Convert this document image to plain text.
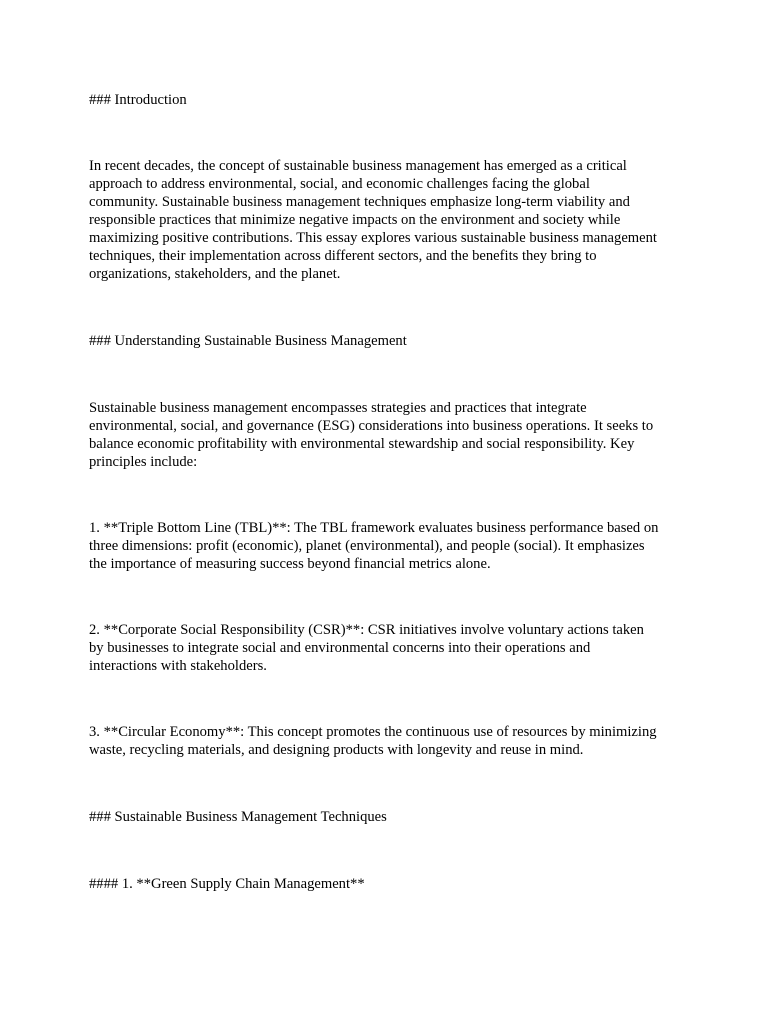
### Introduction

In recent decades, the concept of sustainable business management has emerged as a critical

approach to address environmental, social, and economic challenges facing the global

community. Sustainable business management techniques emphasize long-term viability and

responsible practices that minimize negative impacts on the environment and society while

maximizing positive contributions. This essay explores various sustainable business management

techniques, their implementation across different sectors, and the benefits they bring to

organizations, stakeholders, and the planet.

### Understanding Sustainable Business Management

Sustainable business management encompasses strategies and practices that integrate

environmental, social, and governance (ESG) considerations into business operations. It seeks to

balance economic profitability with environmental stewardship and social responsibility. Key

principles include:

1. **Triple Bottom Line (TBL)**: The TBL framework evaluates business performance based on

three dimensions: profit (economic), planet (environmental), and people (social). It emphasizes

the importance of measuring success beyond financial metrics alone.

2. **Corporate Social Responsibility (CSR)**: CSR initiatives involve voluntary actions taken

by businesses to integrate social and environmental concerns into their operations and

interactions with stakeholders.

3. **Circular Economy**: This concept promotes the continuous use of resources by minimizing

waste, recycling materials, and designing products with longevity and reuse in mind.

### Sustainable Business Management Techniques

#### 1. **Green Supply Chain Management**
